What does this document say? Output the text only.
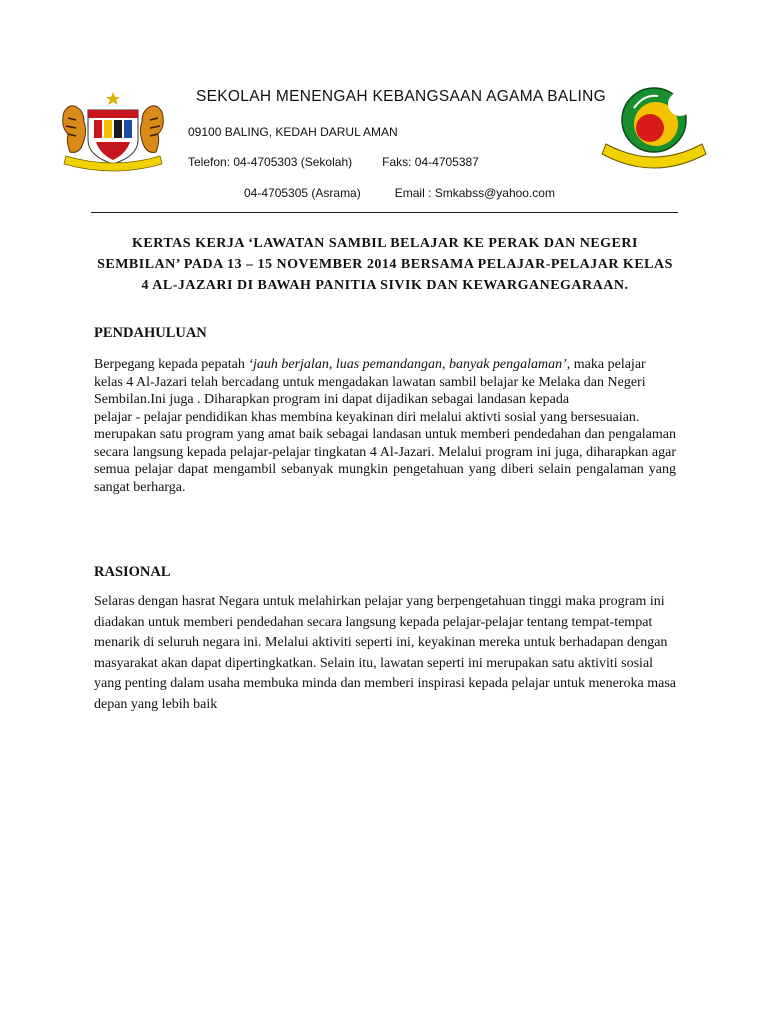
SEKOLAH MENENGAH KEBANGSAAN AGAMA BALING
09100 BALING, KEDAH DARUL AMAN
Telefon: 04-4705303 (Sekolah)	Faks: 04-4705387
04-4705305 (Asrama)	Email : Smkabss@yahoo.com
KERTAS KERJA ‘LAWATAN SAMBIL BELAJAR KE PERAK DAN NEGERI SEMBILAN’ PADA 13 – 15 NOVEMBER 2014 BERSAMA PELAJAR-PELAJAR KELAS 4 AL-JAZARI DI BAWAH PANITIA SIVIK DAN KEWARGANEGARAAN.
PENDAHULUAN

Berpegang kepada pepatah ‘jauh berjalan, luas pemandangan, banyak pengalaman’, maka pelajar kelas 4 Al-Jazari telah bercadang untuk mengadakan lawatan sambil belajar ke Melaka dan Negeri Sembilan.Ini juga . Diharapkan program ini dapat dijadikan sebagai landasan kepada

pelajar - pelajar pendidikan khas membina keyakinan diri melalui aktivti sosial yang bersesuaian.

merupakan satu program yang amat baik sebagai landasan untuk memberi pendedahan dan pengalaman secara langsung kepada pelajar-pelajar tingkatan 4 Al-Jazari. Melalui program ini juga, diharapkan agar semua pelajar dapat mengambil sebanyak mungkin pengetahuan yang diberi selain pengalaman yang sangat berharga.

RASIONAL
Selaras dengan hasrat Negara untuk melahirkan pelajar yang berpengetahuan tinggi maka program ini diadakan untuk memberi pendedahan secara langsung kepada pelajar-pelajar tentang tempat-tempat menarik di seluruh negara ini. Melalui aktiviti seperti ini, keyakinan mereka untuk berhadapan dengan masyarakat akan dapat dipertingkatkan. Selain itu, lawatan seperti ini merupakan satu aktiviti sosial yang penting dalam usaha membuka minda dan memberi inspirasi kepada pelajar untuk meneroka masa depan yang lebih baik
